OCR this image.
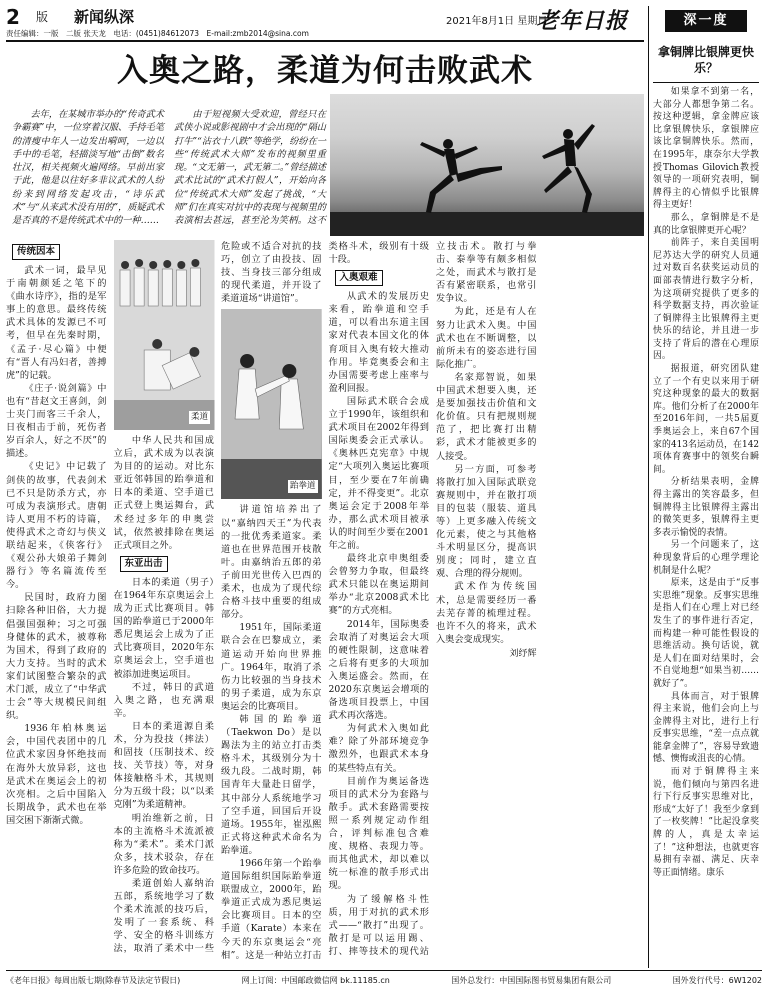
2 版 新闻纵深	2021年8月1日 星期日
老年日报
责任编辑：一版　二版 张天龙　电话：(0451)84612073　E-mail:zmb2014@sina.com
入奥之路，柔道为何击败武术

去年，在某城市举办的“传奇武术争霸赛”中，一位穿着汉服、手持毛笔的清瘦中年人一边发出嗬呵，一边以手中的毛笔，轻描淡写地“击倒”数名壮汉，相关视频火遍网络。早前出家于此，他是以往好多非议武术的人纷纷来到网络发起攻击，“诗乐武术”与“从来武术没有用的”，质疑武术是否真的不是传统武术中的一种……

由于短视频大受欢迎，曾经只在武侠小说或影视剧中才会出现的“隔山打牛”“沾衣十八跌”等绝学，纷纷在一些“传统武术大师”发布的视频里重现。“文无第一，武无第二。”曾经描述武术比试的“武术打假人”，开始向各位“传统武术大师”发起了挑战，“大师”们在真实对抗中的表现与视频里的表演相去甚远，甚至沦为笑柄。这不

传统因本

武术一词，最早见于南朝颜延之笔下的《曲水诗序》，指的是军事上的意思。最终传统武术具体的发源已不可考，但早在先秦时期，《孟子·尽心篇》中便有“晋人有冯妇者，善搏虎”的记载。

《庄子·说剑篇》中也有“昔赵文王喜剑，剑士夹门而客三千余人，日夜相击于前，死伤者岁百余人，好之不厌”的描述。

《史记》中记载了剑侠的故事，代表剑术已不只是防杀方式，亦可成为表演形式。唐朝诗人更用不朽的诗篇，使得武术之奇幻与侠义联结起来，《侠客行》《观公孙大娘弟子舞剑器行》等名篇流传至今。

民国时，政府力图扫除各种旧俗，大力提倡强国强种；习之可强身健体的武术，被尊称为国术，得到了政府的大力支持。当时的武术家们试图整合繁杂的武术门派，成立了“中华武士会”等大规模民间组织。

1936年柏林奥运会，中国代表团中的几位武术家因身怀绝技而在海外大放异彩，这也是武术在奥运会上的初次亮相。之后中国陷入长期战争，武术也在举国交困下渐渐式微。

柔道

中华人民共和国成立后，武术成为以表演为目的的运动。对比东亚近邻韩国的跆拳道和日本的柔道、空手道已正式登上奥运舞台，武术经过多年的申奥尝试，依然被排除在奥运正式项目之外。

东亚出击

日本的柔道（男子）在1964年东京奥运会上成为正式比赛项目。韩国的跆拳道已于2000年悉尼奥运会上成为了正式比赛项目，2020年东京奥运会上，空手道也被添加进奥运项目。

不过，韩日的武道入奥之路，也充满艰辛。

日本的柔道源自柔术，分为投技（摔法）和固技（压制技术、绞技、关节技）等，对身体接触格斗术，其规则分为五级十段；以“以柔克刚”为柔道精神。

明治维新之前，日本的主流格斗术流派被称为“柔术”。柔术门派众多，技术驳杂，存在许多危险的致命技巧。

柔道创始人嘉纳治五郎，系统地学习了数个柔术流派的技巧后，发明了一套系统、科学、安全的格斗训练方法，取消了柔术中一些危险或不适合对抗的技巧，创立了由投技、固技、当身技三部分组成的现代柔道，并开设了柔道道场“讲道馆”。

跆拳道

讲道馆培养出了以“嘉纳四天王”为代表的一批优秀柔道家。柔道也在世界范围开枝散叶。由嘉纳治五郎的弟子前田光世传入巴西的柔术，也成为了现代综合格斗技中重要的组成部分。

1951年，国际柔道联合会在巴黎成立，柔道运动开始向世界推广。1964年，取消了杀伤力比较强的当身技术的男子柔道，成为东京奥运会的比赛项目。

韩国的跆拳道（Taekwon Do）是以踢法为主的站立打击类格斗术，其级别分为十级九段。二战时期，韩国青年大量赴日留学，其中部分人系统地学习了空手道，回国后开设道场。1955年，崔泓熙正式将这种武术命名为跆拳道。

1966年第一个跆拳道国际组织国际跆拳道联盟成立，2000年，跆拳道正式成为悉尼奥运会比赛项目。日本的空手道（Karate）本来在今天的东京奥运会“亮相”。这是一种站立打击类格斗术，级别有十级十段。

入奥艰难

从武术的发展历史来看，跆拳道和空手道，可以看出东道主国家对代表本国文化的体育项目入奥有较大推动作用。毕竟奥委会和主办国需要考虑上座率与盈利回报。

国际武术联合会成立于1990年，该组织和武术项目在2002年得到国际奥委会正式承认。《奥林匹克宪章》中规定“大项列入奥运比赛项目，至少要在7年前确定，并不得变更”。北京奥运会定于2008年举办，那么武术项目被承认的时间至少要在2001年之前。

最终北京申奥组委会曾努力争取，但最终武术只能以在奥运期间举办“北京2008武术比赛”的方式亮相。

2014年，国际奥委会取消了对奥运会大项的硬性限制，这意味着之后将有更多的大项加入奥运盛会。然而，在2020东京奥运会增项的备选项目投票上，中国武术再次落选。

为何武术入奥如此难？除了外部环境竞争激烈外，也跟武术本身的某些特点有关。

目前作为奥运备选项目的武术分为套路与散手。武术套路需要按照一系列规定动作组合，评判标准包含难度、规格、表现力等。而其他武术，却以难以统一标准的散手形式出现。

为了缓解格斗性质，用于对抗的武术形式——“散打”出现了。散打是可以运用踢、打、摔等技术的现代站立技击术。散打与拳击、泰拳等有颇多相似之处，而武术与散打是否有紧密联系，也常引发争议。

为此，还是有人在努力让武术入奥。中国武术也在不断调整，以前所未有的姿态进行国际化推广。

名家郑智说，如果中国武术想要入奥，还是要加强技击价值和文化价值。只有把规则规范了，把比赛打出精彩，武术才能被更多的人接受。

另一方面，可参考将散打加入国际武联竞赛规则中，并在散打项目的包装（服装、道具等）上更多融入传统文化元素，使之与其他格斗术明显区分，提高识别度；同时，建立直观、合理的得分规则。

武术作为传统国术，总是需要经历一番去芜存菁的梳理过程。也许不久的将来，武术入奥会变成现实。

刘纾辉
深一度
拿铜牌比银牌更快乐？

如果拿不到第一名，大部分人都想争第二名。按这种逻辑，拿金牌应该比拿银牌快乐，拿银牌应该比拿铜牌快乐。然而，在1995年，康奈尔大学教授Thomas Gilovich教授领导的一项研究表明，铜牌得主的心情似乎比银牌得主更好！

那么，拿铜牌是不是真的比拿银牌更开心呢？

前阵子，来自美国明尼苏达大学的研究人员通过对数百名获奖运动员的面部表情进行数字分析，为这项研究提供了更多的科学数据支持，再次验证了铜牌得主比银牌得主更快乐的结论，并且进一步支持了背后的潜在心理原因。

据报道，研究团队建立了一个有史以来用于研究这种现象的最大的数据库。他们分析了在2000年至2016年间，一共5届夏季奥运会上，来自67个国家的413名运动员，在142项体育赛事中的领奖台瞬间。

分析结果表明，金牌得主露出的笑容最多，但铜牌得主比银牌得主露出的微笑更多，银牌得主更多表示愉悦的表情。

另一个问题来了，这种现象背后的心理学理论机制是什么呢？

原来，这是由于“反事实思维”现象。反事实思维是指人们在心理上对已经发生了的事件进行否定，而构建一种可能性假设的思维活动。换句话说，就是人们在面对结果时，会不自觉地想“如果当初……就好了”。

具体而言，对于银牌得主来说，他们会向上与金牌得主对比，进行上行反事实思维，“差一点点就能拿金牌了”，容易导致遗憾、懊悔或沮丧的心情。

而对于铜牌得主来说，他们倾向与第四名进行下行反事实思维对比，形成“太好了！我至少拿到了一枚奖牌！”比起没拿奖牌的人，真是太幸运了！”这种想法，也就更容易拥有幸福、满足、庆幸等正面情绪。康乐

《老年日报》每周出版七期(除春节及法定节假日)	网上订阅：中国邮政微信网 bk.11185.cn	国外总发行：中国国际图书贸易集团有限公司	国外发行代号：6W1202
